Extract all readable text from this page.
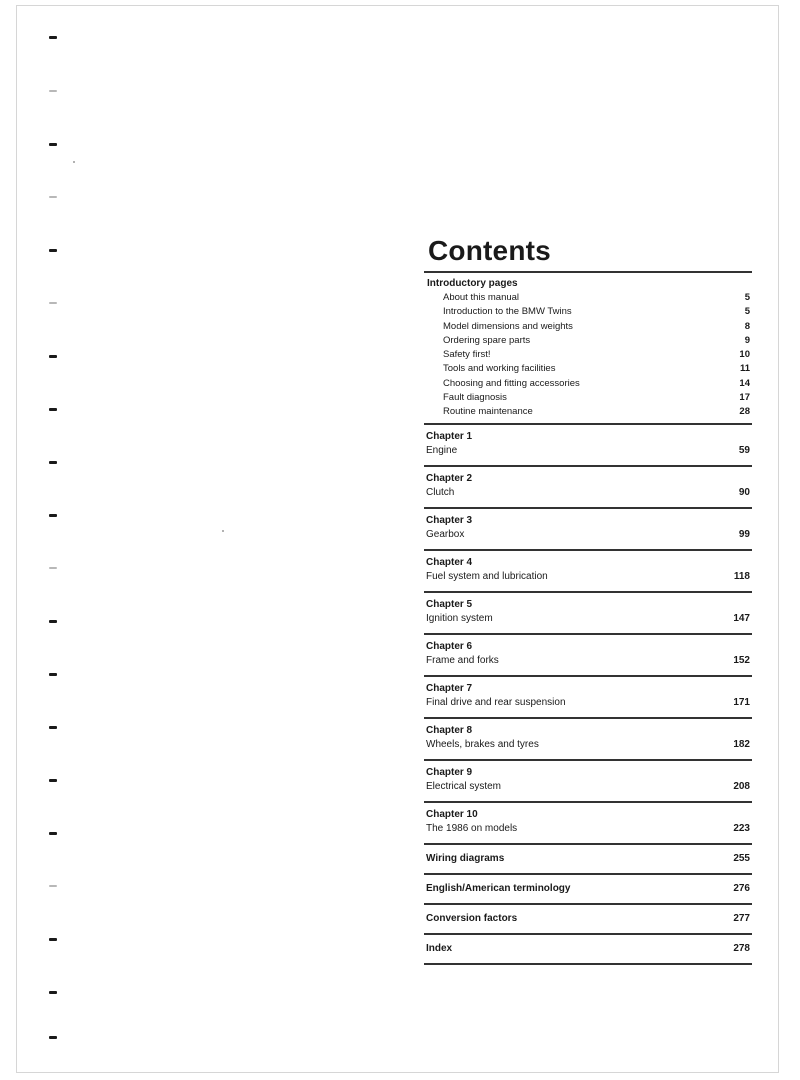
Contents
Introductory pages
About this manual	5
Introduction to the BMW Twins	5
Model dimensions and weights	8
Ordering spare parts	9
Safety first!	10
Tools and working facilities	11
Choosing and fitting accessories	14
Fault diagnosis	17
Routine maintenance	28
Chapter 1
Engine	59
Chapter 2
Clutch	90
Chapter 3
Gearbox	99
Chapter 4
Fuel system and lubrication	118
Chapter 5
Ignition system	147
Chapter 6
Frame and forks	152
Chapter 7
Final drive and rear suspension	171
Chapter 8
Wheels, brakes and tyres	182
Chapter 9
Electrical system	208
Chapter 10
The 1986 on models	223
Wiring diagrams	255
English/American terminology	276
Conversion factors	277
Index	278
